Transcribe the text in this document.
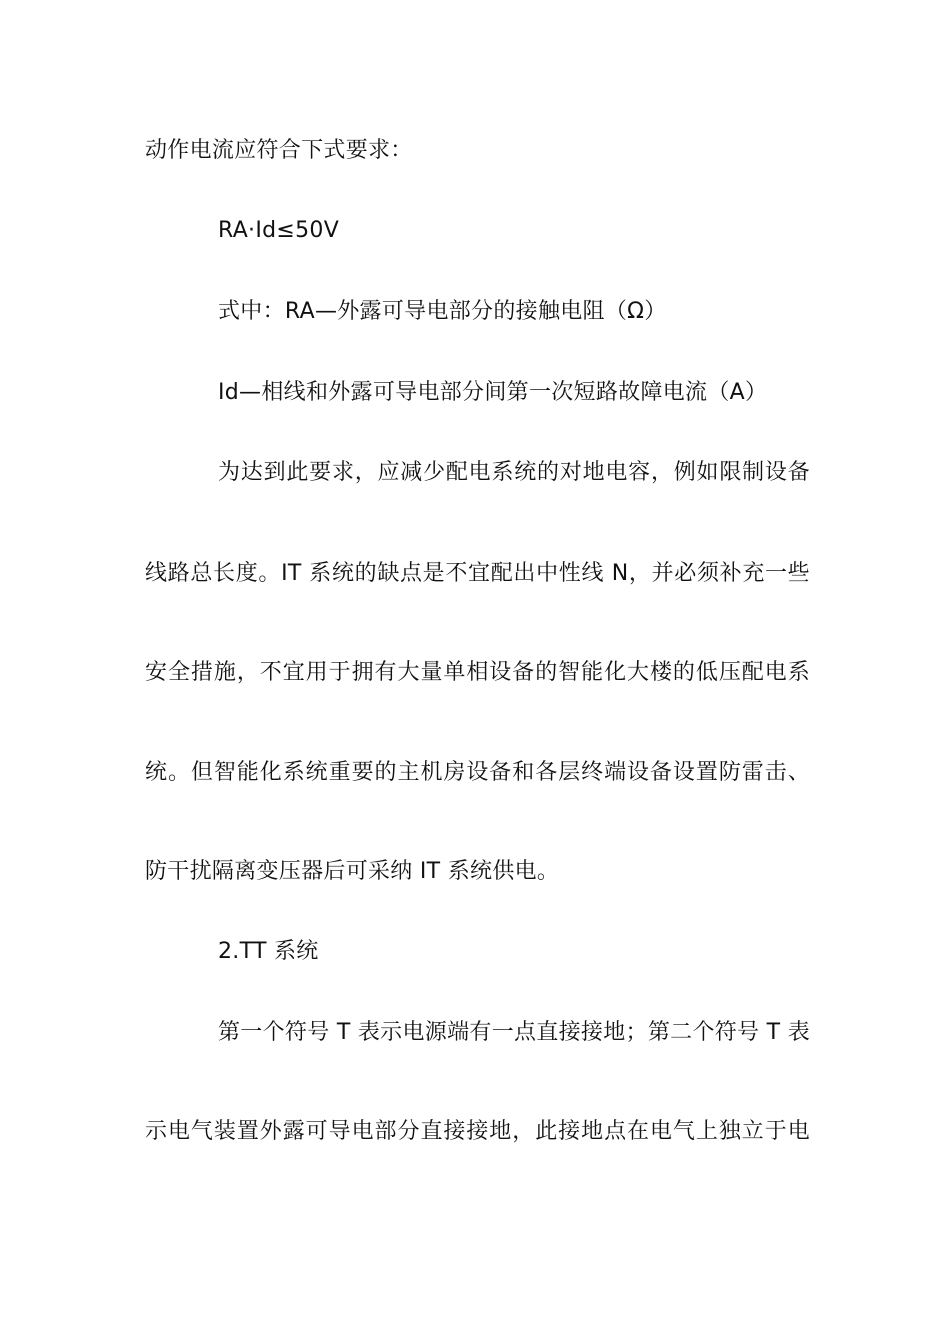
动作电流应符合下式要求：
RA·Id≤50V
式中：RA—外露可导电部分的接触电阻（Ω）
Id—相线和外露可导电部分间第一次短路故障电流（A）
为达到此要求，应减少配电系统的对地电容，例如限制设备
线路总长度。IT 系统的缺点是不宜配出中性线 N，并必须补充一些
安全措施，不宜用于拥有大量单相设备的智能化大楼的低压配电系
统。但智能化系统重要的主机房设备和各层终端设备设置防雷击、
防干扰隔离变压器后可采纳 IT 系统供电。
2.TT 系统
第一个符号 T 表示电源端有一点直接接地；第二个符号 T 表
示电气装置外露可导电部分直接接地，此接地点在电气上独立于电
